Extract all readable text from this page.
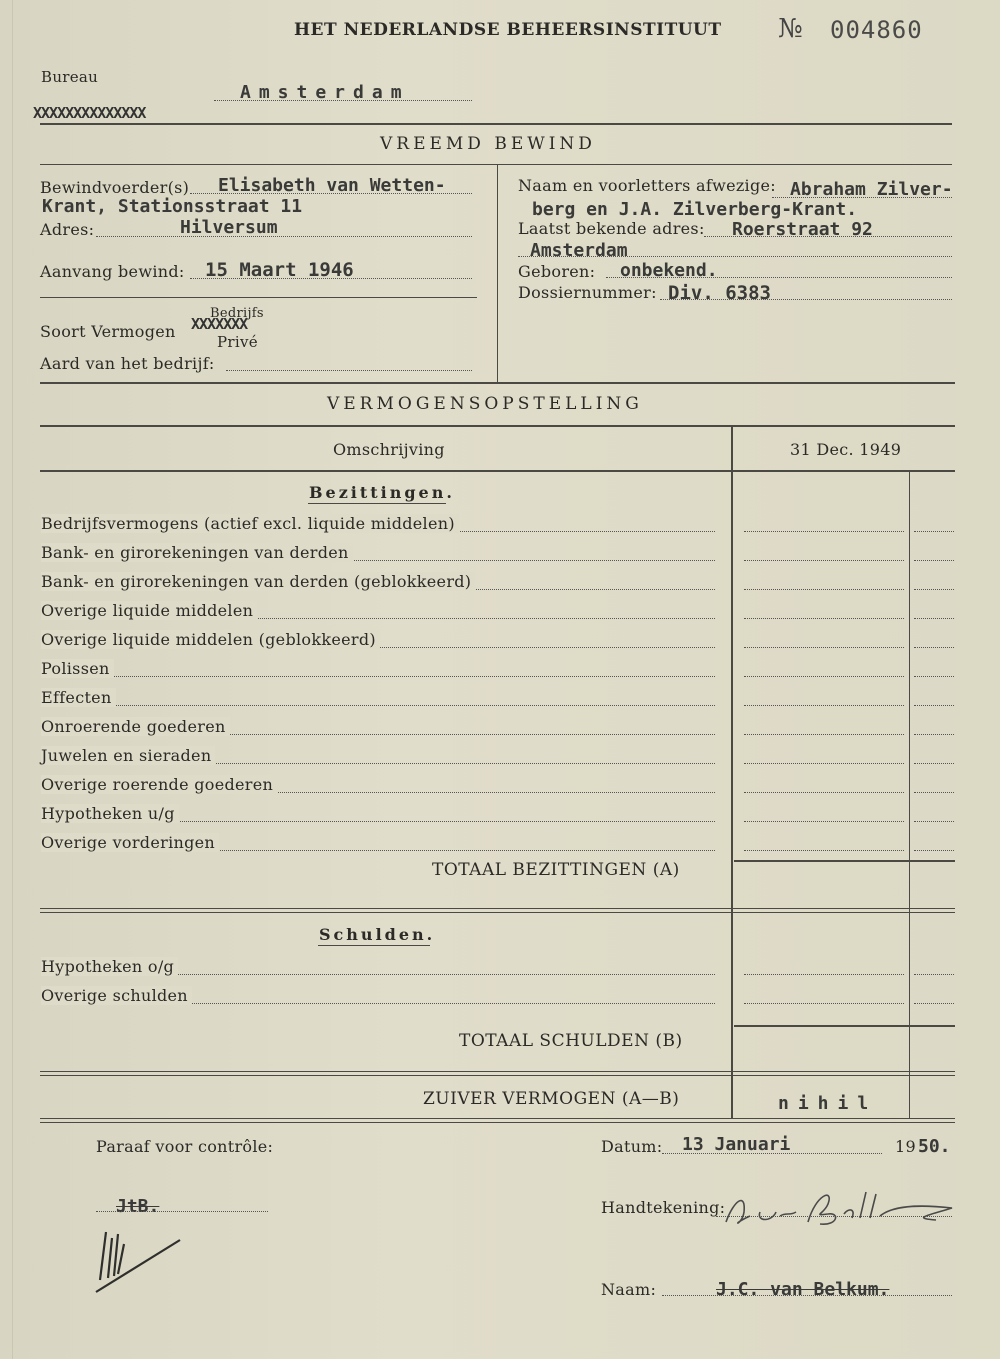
HET NEDERLANDSE BEHEERSINSTITUUT № 004860
Bureau
Amsterdam
XXXXXXXXXXXXXX
VREEMD BEWIND
Bewindvoerder(s) Elisabeth van Wetten-
Krant, Stationsstraat 11
Adres:	Hilversum
Aanvang bewind: 15 Maart 1946
Soort Vermogen
Bedrijfs
XXXXXXX
Privé
Aard van het bedrijf:
Naam en voorletters afwezige: Abraham Zilver-
berg en J.A. Zilverberg-Krant.
Laatst bekende adres: Roerstraat 92
Amsterdam
Geboren: onbekend.
Dossiernummer: Div. 6383
VERMOGENSOPSTELLING
Omschrijving	31 Dec. 1949
Bezittingen.
Bedrijfsvermogens (actief excl. liquide middelen)
Bank- en girorekeningen van derden
Bank- en girorekeningen van derden (geblokkeerd)
Overige liquide middelen
Overige liquide middelen (geblokkeerd)
Polissen
Effecten
Onroerende goederen
Juwelen en sieraden
Overige roerende goederen
Hypotheken u/g
Overige vorderingen
TOTAAL BEZITTINGEN (A)
Schulden.
Hypotheken o/g
Overige schulden
TOTAAL SCHULDEN (B)
ZUIVER VERMOGEN (A—B)	nihil
Paraaf voor contrôle:
JtB.
Datum: 13 Januari	19 50.
Handtekening:
Naam:	J.C. van Belkum.
